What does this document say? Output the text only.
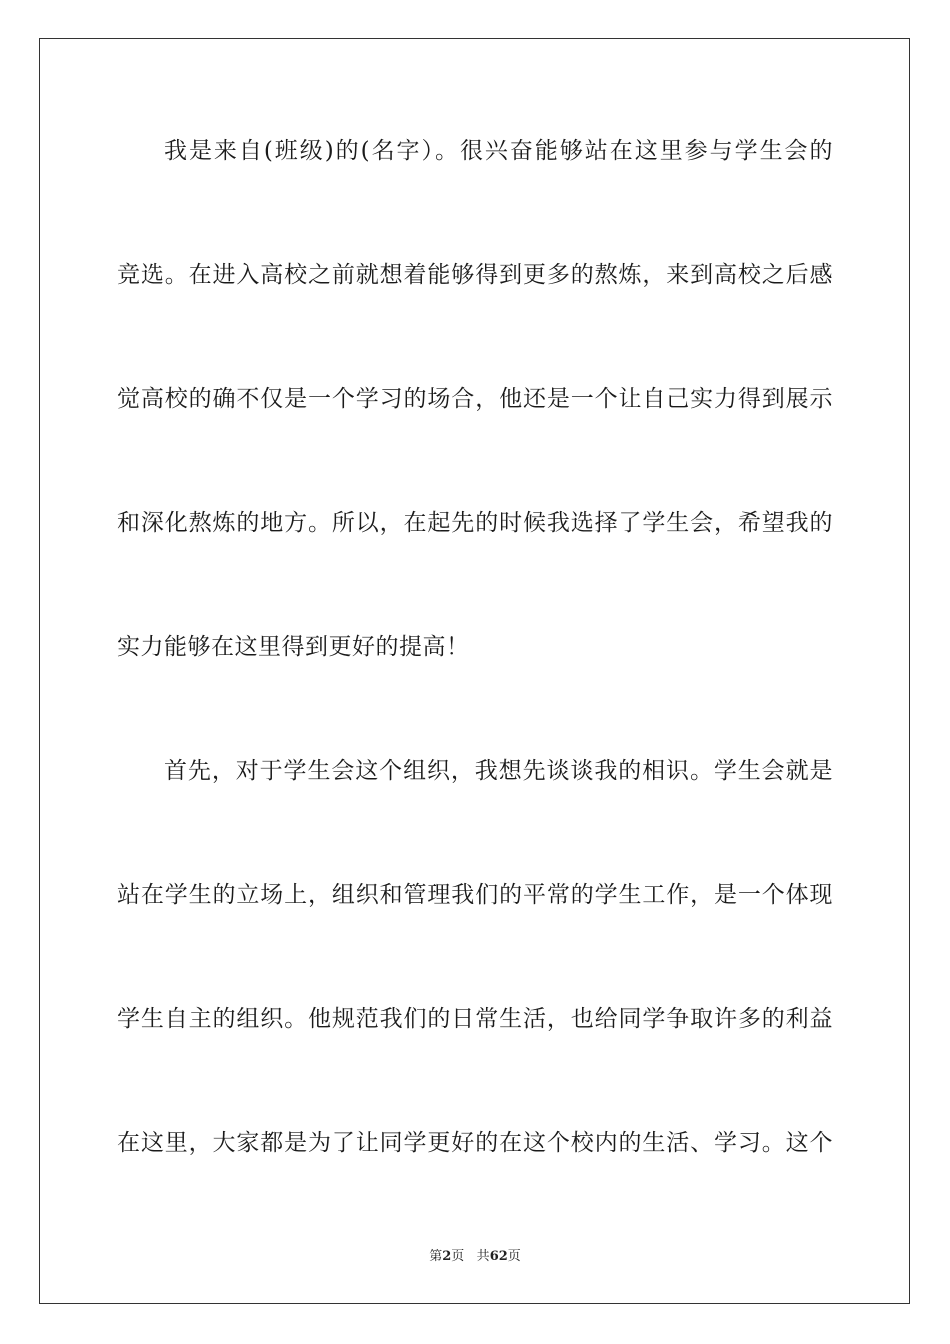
我是来自(班级)的(名字）。很兴奋能够站在这里参与学生会的
竞选。在进入高校之前就想着能够得到更多的熬炼，来到高校之后感
觉高校的确不仅是一个学习的场合，他还是一个让自己实力得到展示
和深化熬炼的地方。所以，在起先的时候我选择了学生会，希望我的
实力能够在这里得到更好的提高！
首先，对于学生会这个组织，我想先谈谈我的相识。学生会就是
站在学生的立场上，组织和管理我们的平常的学生工作，是一个体现
学生自主的组织。他规范我们的日常生活，也给同学争取许多的利益
在这里，大家都是为了让同学更好的在这个校内的生活、学习。这个
第2页 共62页
